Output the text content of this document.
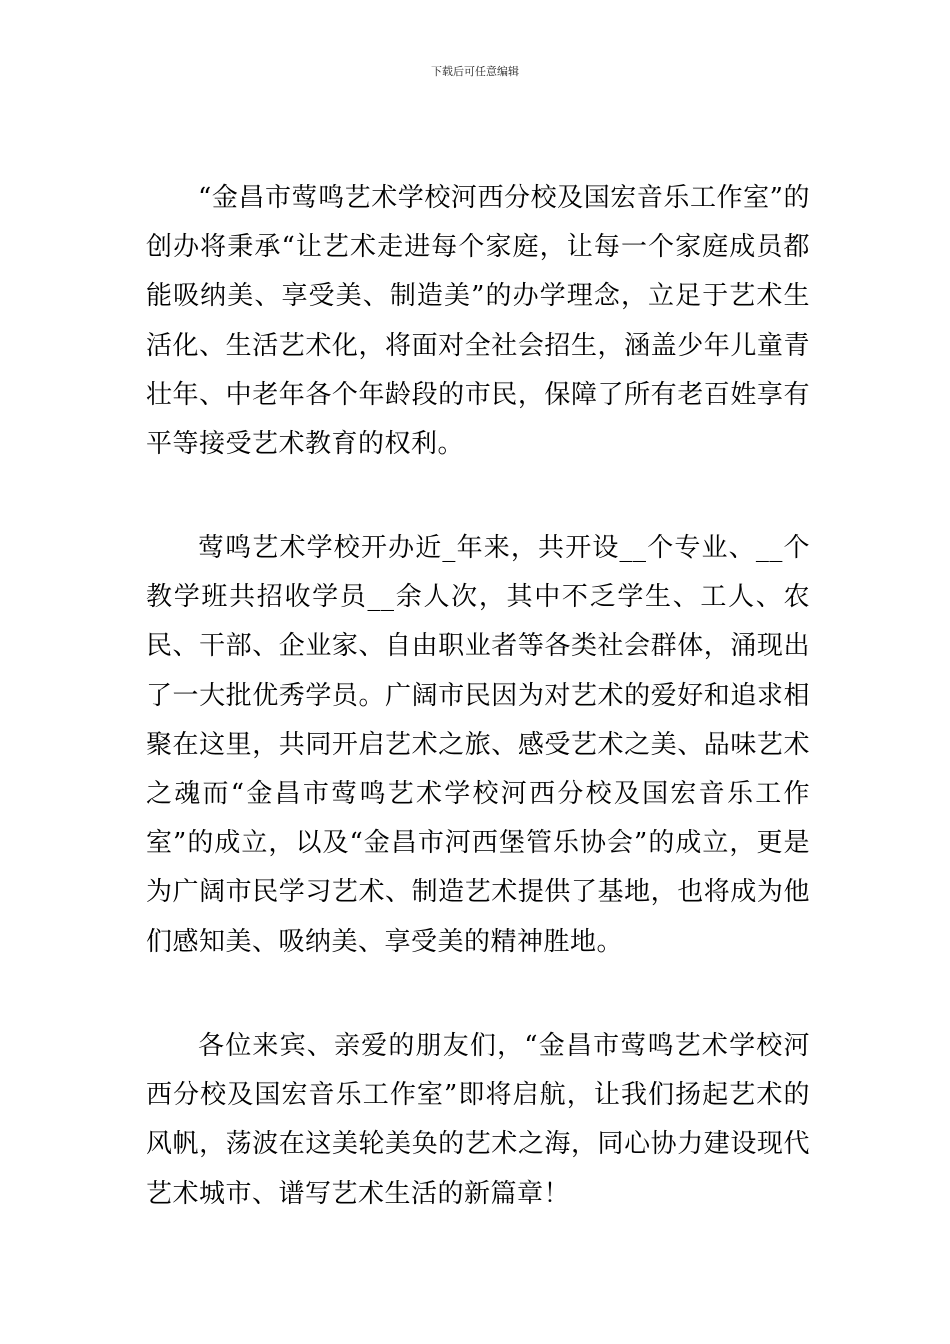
下载后可任意编辑

“金昌市莺鸣艺术学校河西分校及国宏音乐工作室”的创办将秉承“让艺术走进每个家庭，让每一个家庭成员都能吸纳美、享受美、制造美”的办学理念，立足于艺术生活化、生活艺术化，将面对全社会招生，涵盖少年儿童青壮年、中老年各个年龄段的市民，保障了所有老百姓享有平等接受艺术教育的权利。

莺鸣艺术学校开办近_年来，共开设__个专业、__个教学班共招收学员__余人次，其中不乏学生、工人、农民、干部、企业家、自由职业者等各类社会群体，涌现出了一大批优秀学员。广阔市民因为对艺术的爱好和追求相聚在这里，共同开启艺术之旅、感受艺术之美、品味艺术之魂而“金昌市莺鸣艺术学校河西分校及国宏音乐工作室”的成立，以及“金昌市河西堡管乐协会”的成立，更是为广阔市民学习艺术、制造艺术提供了基地，也将成为他们感知美、吸纳美、享受美的精神胜地。

各位来宾、亲爱的朋友们，“金昌市莺鸣艺术学校河西分校及国宏音乐工作室”即将启航，让我们扬起艺术的风帆，荡波在这美轮美奂的艺术之海，同心协力建设现代艺术城市、谱写艺术生活的新篇章！
